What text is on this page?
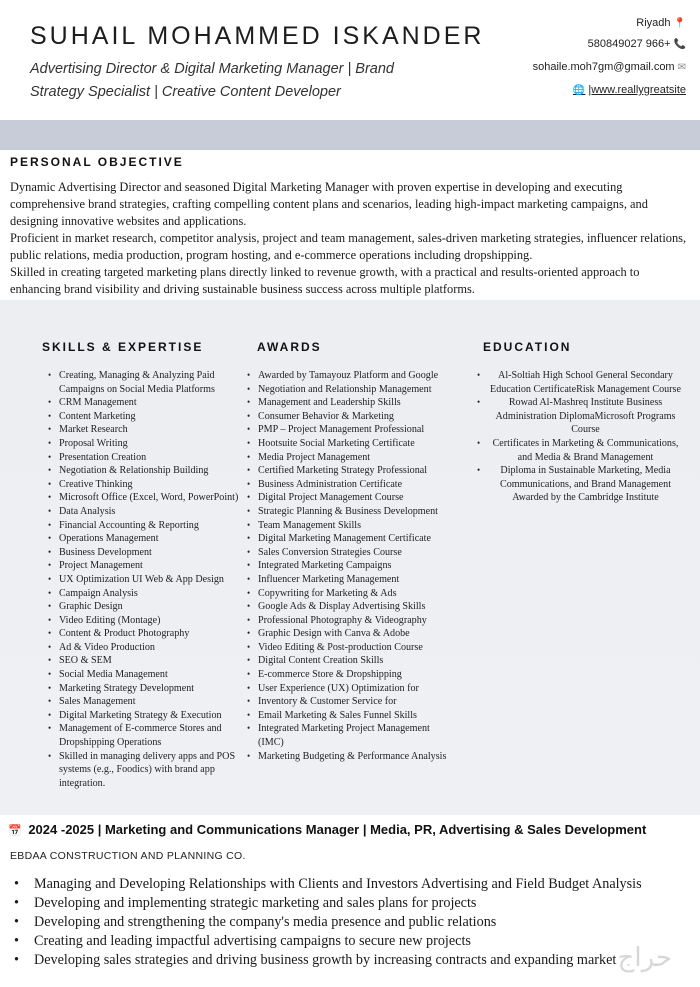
SUHAIL MOHAMMED ISKANDER
Advertising Director & Digital Marketing Manager | Brand Strategy Specialist | Creative Content Developer
Riyadh 📍
580849027 966+ 📞
sohaile.moh7gm@gmail.com ✉
🌐 |www.reallygreatsite
PERSONAL OBJECTIVE

Dynamic Advertising Director and seasoned Digital Marketing Manager with proven expertise in developing and executing comprehensive brand strategies, crafting compelling content plans and scenarios, leading high-impact marketing campaigns, and designing innovative websites and applications.

Proficient in market research, competitor analysis, project and team management, sales-driven marketing strategies, influencer relations, public relations, media production, program hosting, and e-commerce operations including dropshipping.

Skilled in creating targeted marketing plans directly linked to revenue growth, with a practical and results-oriented approach to enhancing brand visibility and driving sustainable business success across multiple platforms.

SKILLS & EXPERTISE	AWARDS	EDUCATION
• Creating, Managing & Analyzing Paid Campaigns on Social Media Platforms
• CRM Management
• Content Marketing
• Market Research
• Proposal Writing
• Presentation Creation
• Negotiation & Relationship Building
• Creative Thinking
• Microsoft Office (Excel, Word, PowerPoint)
• Data Analysis
• Financial Accounting & Reporting
• Operations Management
• Business Development
• Project Management
• UX Optimization UI Web & App Design
• Campaign Analysis
• Graphic Design
• Video Editing (Montage)
• Content & Product Photography
• Ad & Video Production
• SEO & SEM
• Social Media Management
• Marketing Strategy Development
• Sales Management
• Digital Marketing Strategy & Execution
• Management of E-commerce Stores and Dropshipping Operations
• Skilled in managing delivery apps and POS systems (e.g., Foodics) with brand app integration.
• Awarded by Tamayouz Platform and Google
• Negotiation and Relationship Management
• Management and Leadership Skills
• Consumer Behavior & Marketing
• PMP – Project Management Professional
• Hootsuite Social Marketing Certificate
• Media Project Management
• Certified Marketing Strategy Professional
• Business Administration Certificate
• Digital Project Management Course
• Strategic Planning & Business Development
• Team Management Skills
• Digital Marketing Management Certificate
• Sales Conversion Strategies Course
• Integrated Marketing Campaigns
• Influencer Marketing Management
• Copywriting for Marketing & Ads
• Google Ads & Display Advertising Skills
• Professional Photography & Videography
• Graphic Design with Canva & Adobe
• Video Editing & Post-production Course
• Digital Content Creation Skills
• E-commerce Store & Dropshipping
• User Experience (UX) Optimization for
• Inventory & Customer Service for
• Email Marketing & Sales Funnel Skills
• Integrated Marketing Project Management (IMC)
• Marketing Budgeting & Performance Analysis
• Al-Soltiah High School General Secondary Education CertificateRisk Management Course
• Rowad Al-Mashreq Institute Business Administration DiplomaMicrosoft Programs Course
• Certificates in Marketing & Communications, and Media & Brand Management
• Diploma in Sustainable Marketing, Media Communications, and Brand Management
Awarded by the Cambridge Institute
📅 2024 -2025 | Marketing and Communications Manager | Media, PR, Advertising & Sales Development
EBDAA CONSTRUCTION AND PLANNING CO.
• Managing and Developing Relationships with Clients and Investors Advertising and Field Budget Analysis
• Developing and implementing strategic marketing and sales plans for projects
• Developing and strengthening the company's media presence and public relations
• Creating and leading impactful advertising campaigns to secure new projects
• Developing sales strategies and driving business growth by increasing contracts and expanding market حراج
